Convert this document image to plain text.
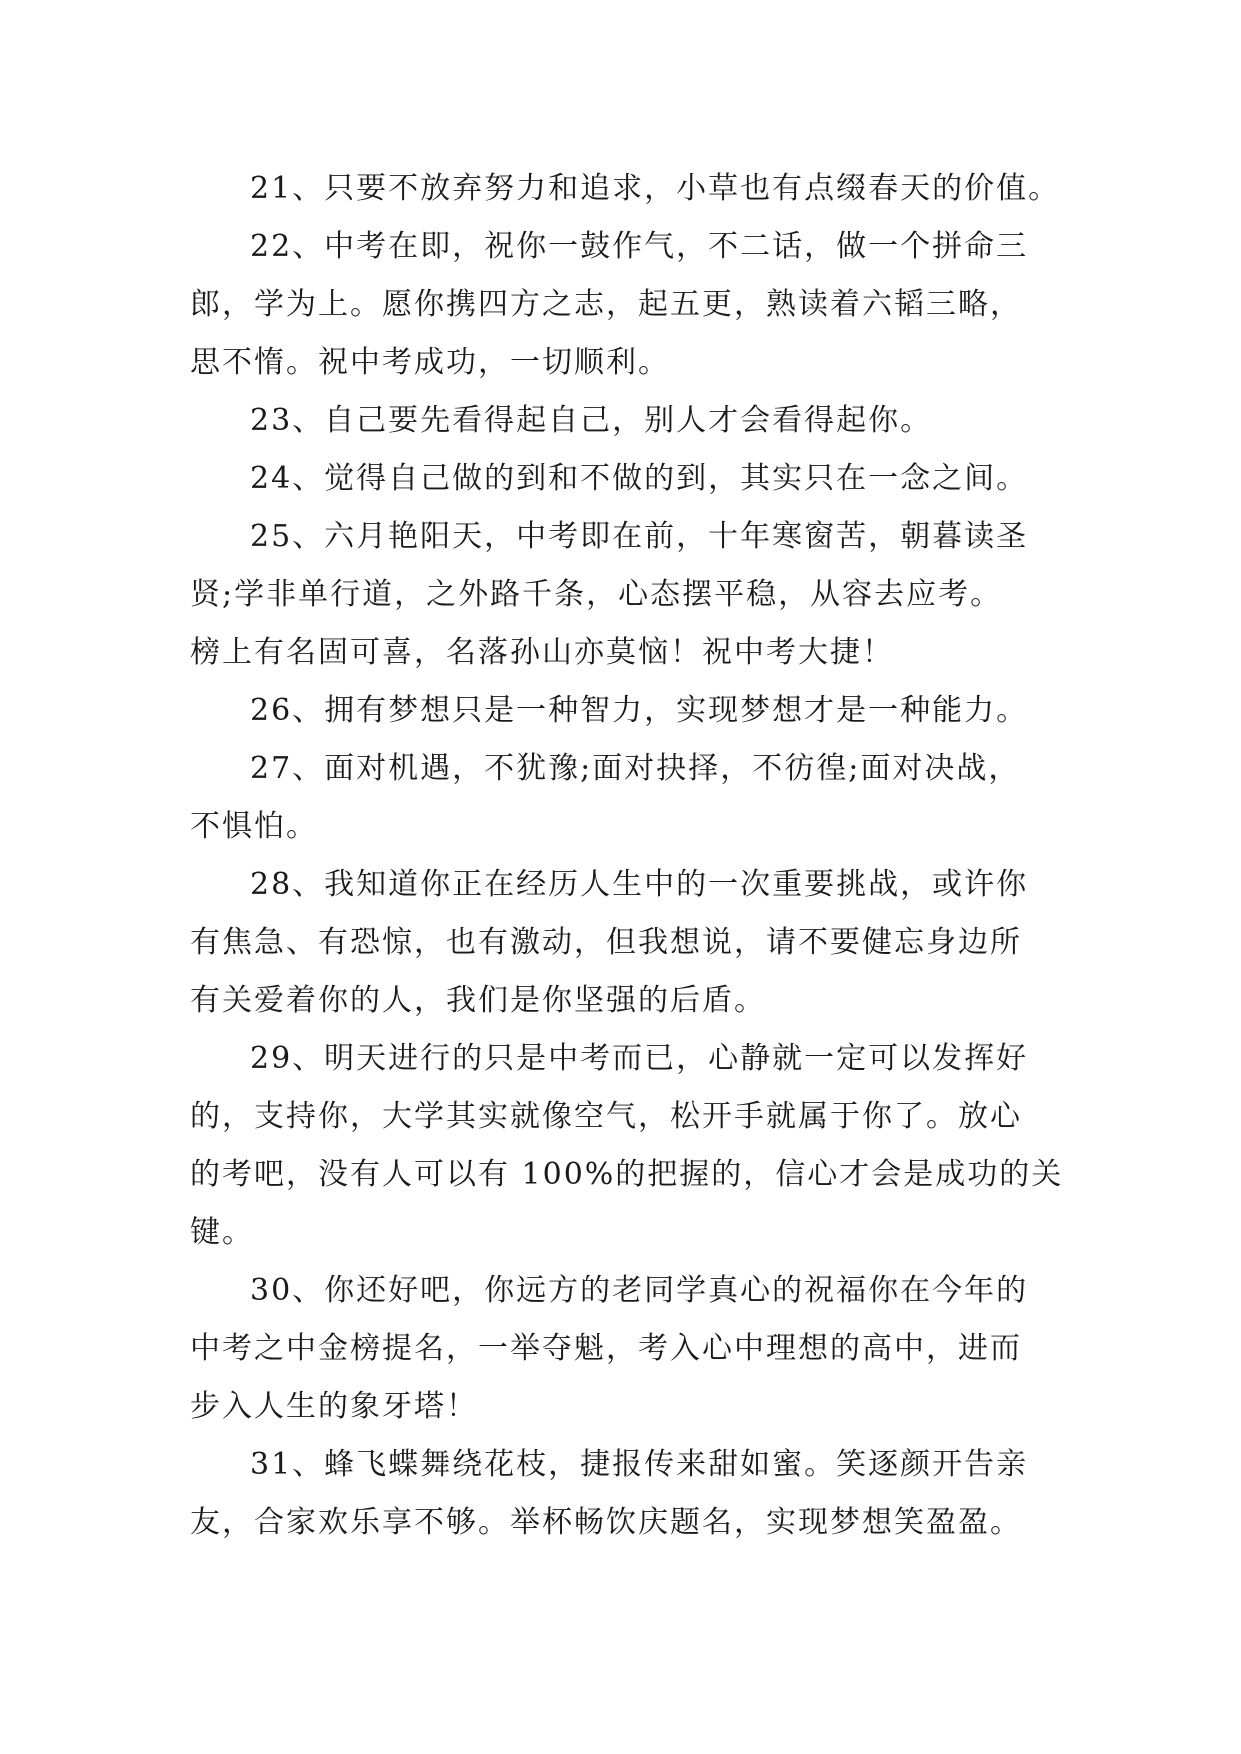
21、只要不放弃努力和追求，小草也有点缀春天的价值。
22、中考在即，祝你一鼓作气，不二话，做一个拼命三
郎，学为上。愿你携四方之志，起五更，熟读着六韬三略，
思不惰。祝中考成功，一切顺利。
23、自己要先看得起自己，别人才会看得起你。
24、觉得自己做的到和不做的到，其实只在一念之间。
25、六月艳阳天，中考即在前，十年寒窗苦，朝暮读圣
贤;学非单行道，之外路千条，心态摆平稳，从容去应考。
榜上有名固可喜，名落孙山亦莫恼！祝中考大捷！
26、拥有梦想只是一种智力，实现梦想才是一种能力。
27、面对机遇，不犹豫;面对抉择，不彷徨;面对决战，
不惧怕。
28、我知道你正在经历人生中的一次重要挑战，或许你
有焦急、有恐惊，也有激动，但我想说，请不要健忘身边所
有关爱着你的人，我们是你坚强的后盾。
29、明天进行的只是中考而已，心静就一定可以发挥好
的，支持你，大学其实就像空气，松开手就属于你了。放心
的考吧，没有人可以有 100%的把握的，信心才会是成功的关
键。
30、你还好吧，你远方的老同学真心的祝福你在今年的
中考之中金榜提名，一举夺魁，考入心中理想的高中，进而
步入人生的象牙塔！
31、蜂飞蝶舞绕花枝，捷报传来甜如蜜。笑逐颜开告亲
友，合家欢乐享不够。举杯畅饮庆题名，实现梦想笑盈盈。
